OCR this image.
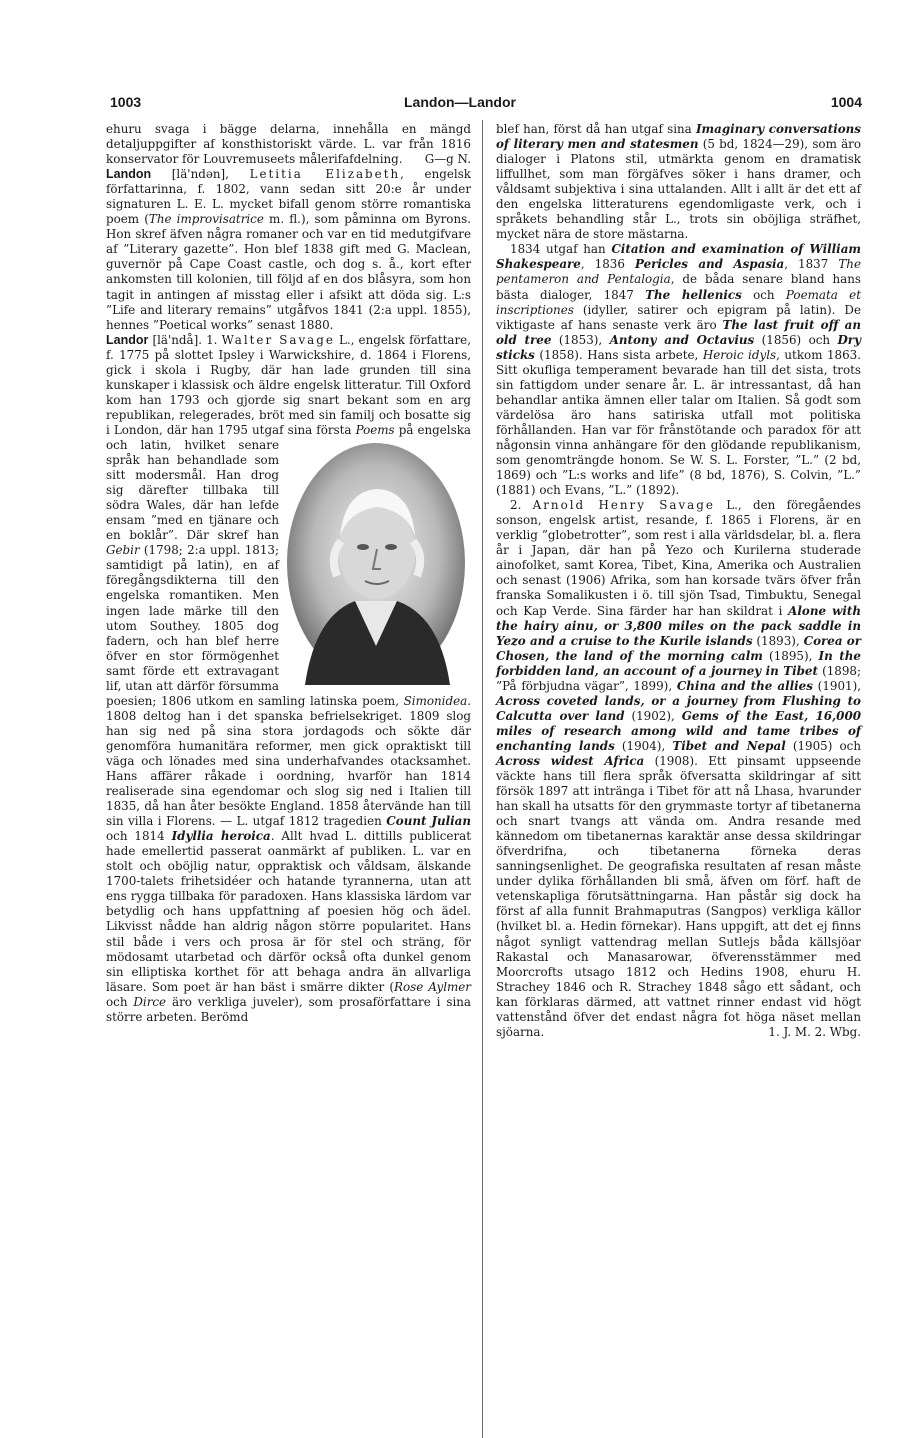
1003	Landon—Landor	1004

ehuru svaga i bägge delarna, innehålla en mängd detaljuppgifter af konsthistoriskt värde. L. var från 1816 konservator för Louvremuseets målerifafdelning. G—g N.

Landon [lä'ndən], Letitia Elizabeth, engelsk författarinna, f. 1802, vann sedan sitt 20:e år under signaturen L. E. L. mycket bifall genom större romantiska poem (The improvisatrice m. fl.), som påminna om Byrons. Hon skref äfven några romaner och var en tid medutgifvare af ”Literary gazette”. Hon blef 1838 gift med G. Maclean, guvernör på Cape Coast castle, och dog s. å., kort efter ankomsten till kolonien, till följd af en dos blåsyra, som hon tagit in antingen af misstag eller i afsikt att döda sig. L:s ”Life and literary remains” utgåfvos 1841 (2:a uppl. 1855), hennes ”Poetical works” senast 1880.

Landor [lä'ndå]. 1. Walter Savage L., engelsk författare, f. 1775 på slottet Ipsley i Warwickshire, d. 1864 i Florens, gick i skola i Rugby, där han lade grunden till sina kunskaper i klassisk och äldre engelsk litteratur. Till Oxford kom han 1793 och gjorde sig snart bekant som en arg republikan, relegerades, bröt med sin familj och bosatte sig i London, där han 1795 utgaf sina första
Poems på engelska och latin, hvilket senare språk han behandlade som sitt modersmål. Han drog sig därefter tillbaka till södra Wales, där han lefde ensam ”med en tjänare och en boklår”. Där skref han Gebir (1798; 2:a uppl. 1813; samtidigt på latin), en af föregångsdikterna till den engelska romantiken. Men ingen lade märke till den utom Southey. 1805 dog fadern, och han blef herre öfver en stor förmögenhet samt förde ett extravagant lif, utan att därför försumma poesien; 1806 utkom en samling latinska poem, Simonidea. 1808 deltog han i det spanska befrielsekriget. 1809 slog han sig ned på sina stora jordagods och sökte där genomföra humanitära reformer, men gick opraktiskt till väga och lönades med sina underhafvandes otacksamhet. Hans affärer råkade i oordning, hvarför han 1814 realiserade sina egendomar och slog sig ned i Italien till 1835, då han åter besökte England. 1858 återvände han till sin villa i Florens. — L. utgaf 1812 tragedien Count Julian och 1814 Idyllia heroica. Allt hvad L. dittills publicerat hade emellertid passerat oanmärkt af publiken. L. var en stolt och oböjlig natur, oppraktisk och våldsam, älskande 1700-talets frihetsidéer och hatande tyrannerna, utan att ens rygga tillbaka för paradoxen. Hans klassiska lärdom var betydlig och hans uppfattning af poesien hög och ädel. Likvisst nådde han aldrig någon större popularitet. Hans stil både i vers och prosa är för stel och sträng, för mödosamt utarbetad och därför också ofta dunkel genom sin elliptiska korthet för att behaga andra än allvarliga läsare. Som poet är han bäst i smärre dikter (Rose Aylmer och Dirce äro verkliga juveler), som prosaförfattare i sina större arbeten. Berömd

blef han, först då han utgaf sina Imaginary conversations of literary men and statesmen (5 bd, 1824—29), som äro dialoger i Platons stil, utmärkta genom en dramatisk liffullhet, som man förgäfves söker i hans dramer, och våldsamt subjektiva i sina uttalanden. Allt i allt är det ett af den engelska litteraturens egendomligaste verk, och i språkets behandling står L., trots sin oböjliga sträfhet, mycket nära de store mästarna.

1834 utgaf han Citation and examination of William Shakespeare, 1836 Pericles and Aspasia, 1837 The pentameron and Pentalogia, de båda senare bland hans bästa dialoger, 1847 The hellenics och Poemata et inscriptiones (idyller, satirer och epigram på latin). De viktigaste af hans senaste verk äro The last fruit off an old tree (1853), Antony and Octavius (1856) och Dry sticks (1858). Hans sista arbete, Heroic idyls, utkom 1863. Sitt okufliga temperament bevarade han till det sista, trots sin fattigdom under senare år. L. är intressantast, då han behandlar antika ämnen eller talar om Italien. Så godt som värdelösa äro hans satiriska utfall mot politiska förhållanden. Han var för frånstötande och paradox för att någonsin vinna anhängare för den glödande republikanism, som genomträngde honom. Se W. S. L. Forster, ”L.” (2 bd, 1869) och ”L:s works and life” (8 bd, 1876), S. Colvin, ”L.” (1881) och Evans, ”L.” (1892).

2. Arnold Henry Savage L., den föregåendes sonson, engelsk artist, resande, f. 1865 i Florens, är en verklig ”globetrotter”, som rest i alla världsdelar, bl. a. flera år i Japan, där han på Yezo och Kurilerna studerade ainofolket, samt Korea, Tibet, Kina, Amerika och Australien och senast (1906) Afrika, som han korsade tvärs öfver från franska Somalikusten i ö. till sjön Tsad, Timbuktu, Senegal och Kap Verde. Sina färder har han skildrat i Alone with the hairy ainu, or 3,800 miles on the pack saddle in Yezo and a cruise to the Kurile islands (1893), Corea or Chosen, the land of the morning calm (1895), In the forbidden land, an account of a journey in Tibet (1898; ”På förbjudna vägar”, 1899), China and the allies (1901), Across coveted lands, or a journey from Flushing to Calcutta over land (1902), Gems of the East, 16,000 miles of research among wild and tame tribes of enchanting lands (1904), Tibet and Nepal (1905) och Across widest Africa (1908). Ett pinsamt uppseende väckte hans till flera språk öfversatta skildringar af sitt försök 1897 att intränga i Tibet för att nå Lhasa, hvarunder han skall ha utsatts för den grymmaste tortyr af tibetanerna och snart tvangs att vända om. Andra resande med kännedom om tibetanernas karaktär anse dessa skildringar öfverdrifna, och tibetanerna förneka deras sanningsenlighet. De geografiska resultaten af resan måste under dylika förhållanden bli små, äfven om förf. haft de vetenskapliga förutsättningarna. Han påstår sig dock ha först af alla funnit Brahmaputras (Sangpos) verkliga källor (hvilket bl. a. Hedin förnekar). Hans uppgift, att det ej finns något synligt vattendrag mellan Sutlejs båda källsjöar Rakastal och Manasarowar, öfverensstämmer med Moorcrofts utsago 1812 och Hedins 1908, ehuru H. Strachey 1846 och R. Strachey 1848 sågo ett sådant, och kan förklaras därmed, att vattnet rinner endast vid högt vattenstånd öfver det endast några fot höga näset mellan sjöarna.	1. J. M. 2. Wbg.
